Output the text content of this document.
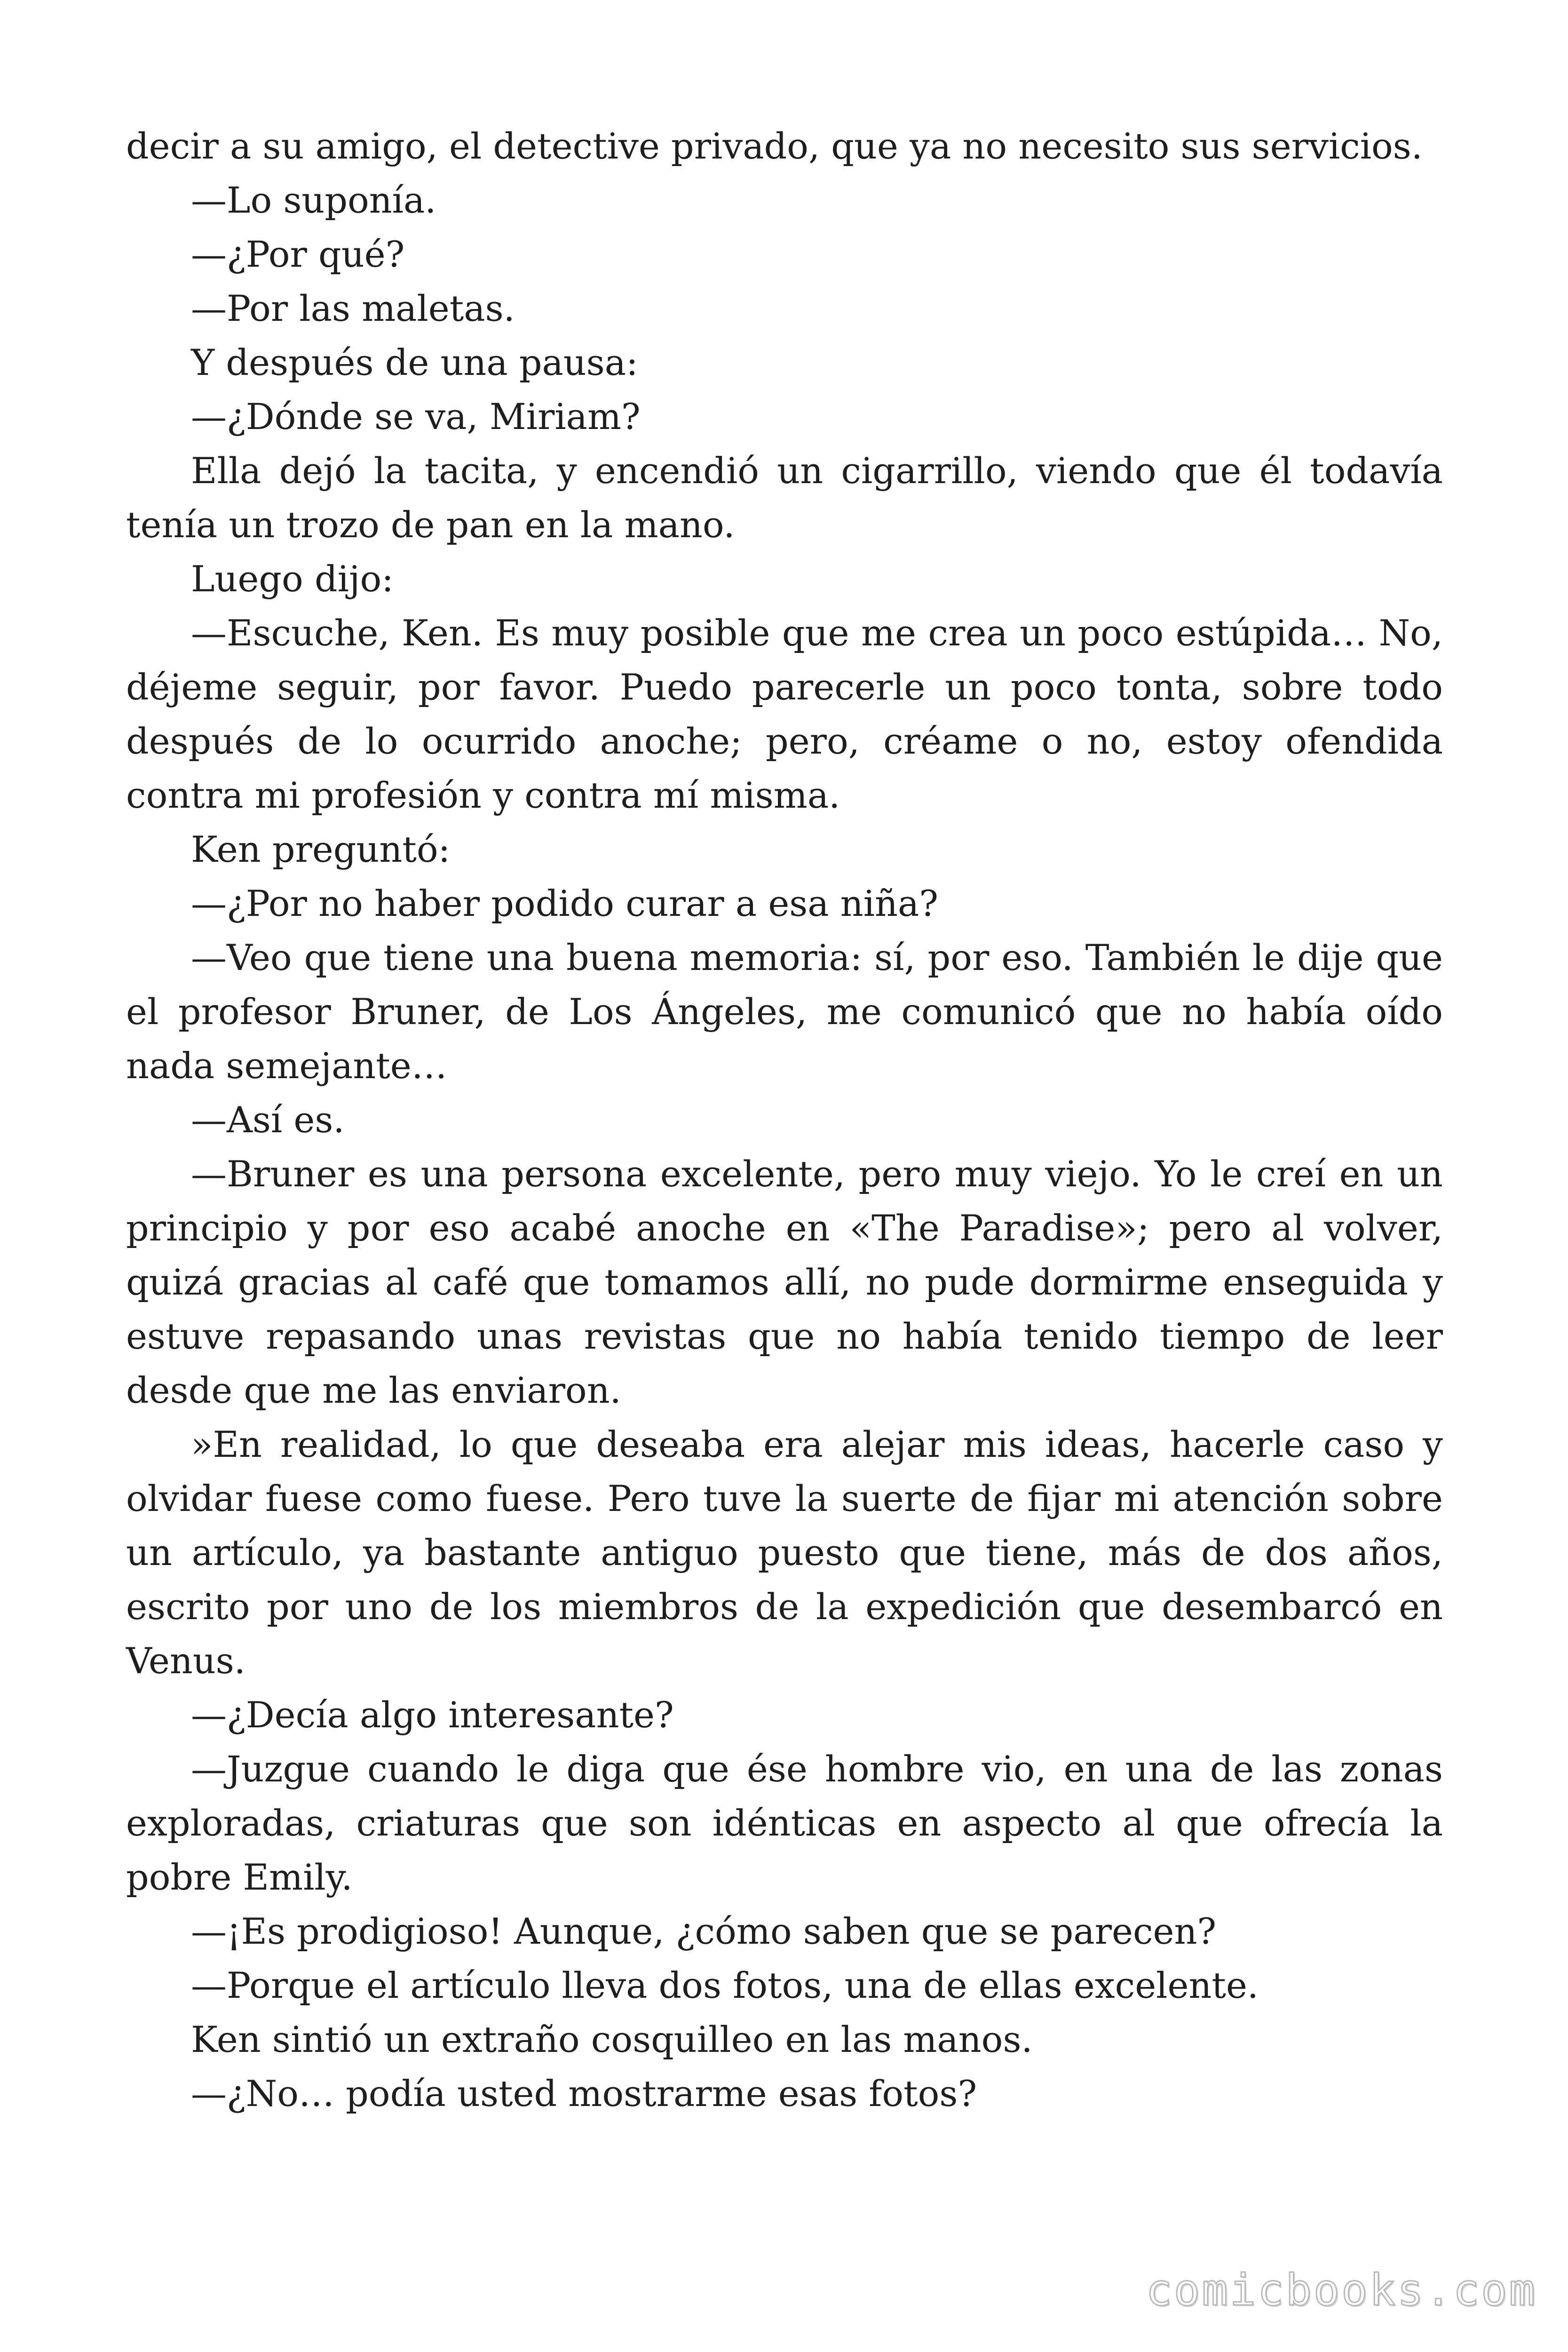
decir a su amigo, el detective privado, que ya no necesito sus servicios.

—Lo suponía.

—¿Por qué?

—Por las maletas.

Y después de una pausa:

—¿Dónde se va, Miriam?

Ella dejó la tacita, y encendió un cigarrillo, viendo que él todavía tenía un trozo de pan en la mano.

Luego dijo:

—Escuche, Ken. Es muy posible que me crea un poco estúpida… No, déjeme seguir, por favor. Puedo parecerle un poco tonta, sobre todo después de lo ocurrido anoche; pero, créame o no, estoy ofendida contra mi profesión y contra mí misma.

Ken preguntó:

—¿Por no haber podido curar a esa niña?

—Veo que tiene una buena memoria: sí, por eso. También le dije que el profesor Bruner, de Los Ángeles, me comunicó que no había oído nada semejante…

—Así es.

—Bruner es una persona excelente, pero muy viejo. Yo le creí en un principio y por eso acabé anoche en «The Paradise»; pero al volver, quizá gracias al café que tomamos allí, no pude dormirme enseguida y estuve repasando unas revistas que no había tenido tiempo de leer desde que me las enviaron.

»En realidad, lo que deseaba era alejar mis ideas, hacerle caso y olvidar fuese como fuese. Pero tuve la suerte de fijar mi atención sobre un artículo, ya bastante antiguo puesto que tiene, más de dos años, escrito por uno de los miembros de la expedición que desembarcó en Venus.

—¿Decía algo interesante?

—Juzgue cuando le diga que ése hombre vio, en una de las zonas exploradas, criaturas que son idénticas en aspecto al que ofrecía la pobre Emily.

—¡Es prodigioso! Aunque, ¿cómo saben que se parecen?

—Porque el artículo lleva dos fotos, una de ellas excelente.

Ken sintió un extraño cosquilleo en las manos.

—¿No… podía usted mostrarme esas fotos?

comicbooks.com
